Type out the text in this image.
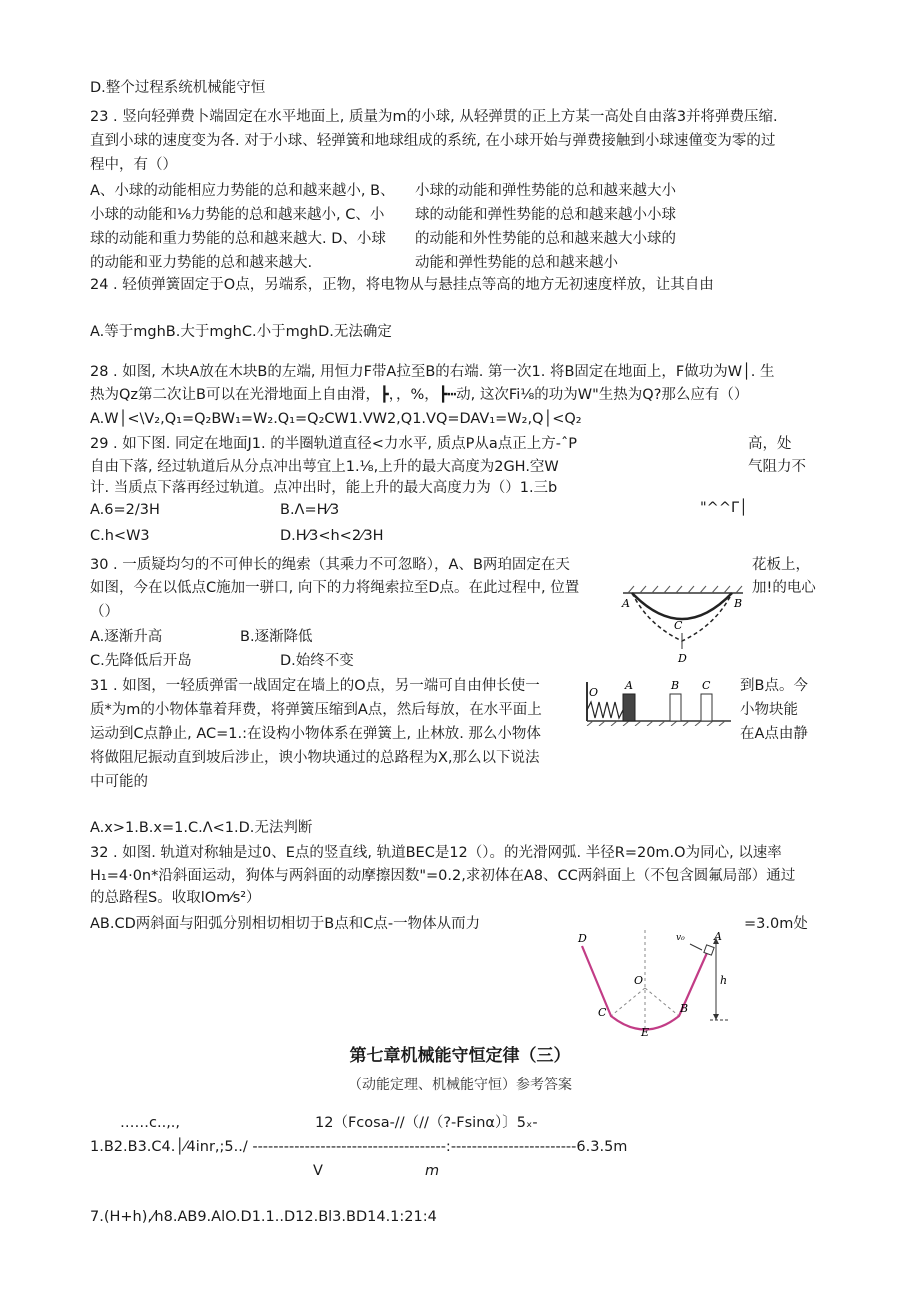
D.整个过程系统机械能守恒
23 . 竖向轻弹费卜端固定在水平地面上, 质量为m的小球, 从轻弹贯的正上方某一高处自由落3并将弹费压缩.
直到小球的速度变为各. 对于小球、轻弹簧和地球组成的系统, 在小球开始与弹费接触到小球速僮变为零的过
程中，有（）
A、小球的动能相应力势能的总和越来越小, B、
小球的动能和⅛力势能的总和越来越小, C、小
球的动能和重力势能的总和越来越大. D、小球
的动能和亚力势能的总和越来越大.
小球的动能和弹性势能的总和越来越大小
球的动能和弹性势能的总和越来越小小球
的动能和外性势能的总和越来越大小球的
动能和弹性势能的总和越来越小
24 . 轻侦弹簧固定于O点，另端系，正物，将电物从与悬挂点等高的地方无初速度样放，让其自由
A.等于mghB.大于mghC.小于mghD.无法确定
28 . 如图, 木块A放在木块B的左端, 用恒力F带A拉至B的右端. 第一次1. 将B固定在地面上，F做功为W│. 生
热为Qz第二次让B可以在光滑地面上自由滑，┣，，%，┣┅动, 这次Fi⅛的功为W"生热为Q?那么应有（）
A.W│<\V₂,Q₁=Q₂BW₁=W₂.Q₁=Q₂CW1.VW2,Q1.VQ=DAV₁=W₂,Q│<Q₂
29 . 如下图. 同定在地面J1. 的半圈轨道直径<力水平, 质点P从a点正上方-ˆP
自由下落, 经过轨道后从分点冲出萼宜上1.⅛,上升的最大高度为2GH.空W
计. 当质点下落再经过轨道。点冲出时，能上升的最大高度力为（）1.三b
高，处
气阻力不
A.6=2/3H	B.Λ=H⁄3	"^^Γ│
C.h<W3	D.H⁄3<h<2⁄3H
30 . 一质疑均匀的不可伸长的绳索（其乘力不可忽略），A、B两珀固定在天
如图，今在以低点C施加一骈口, 向下的力将绳索拉至D点。在此过程中, 位置
（）
花板上，
加!的电心
A.逐渐升高	B.逐渐降低
C.先降低后开岛	D.始终不变
A	B
C
D
31 . 如图，一轻质弹雷一战固定在墙上的O点，另一端可自由伸长使一
质*为m的小物体靠着拜费，将弹簧压缩到A点，然后每放，在水平面上
运动到C点静止, AC=1.:在设构小物体系在弹簧上, 止林放. 那么小物体
将做阻尼振动直到坡后涉止，谀小物块通过的总路程为X,那么以下说法
中可能的
到B点。今
小物块能
在A点由静
A.x>1.B.x=1.C.Λ<1.D.无法判断
O
A	B C
32 . 如图. 轨道对称轴是过0、E点的竖直线, 轨道BEC是12（）。的光滑网弧. 半径R=20m.O为同心, 以速率
H₁=4·0n*沿斜面运动，狗体与两斜面的动摩擦因数"=0.2,求初体在A8、CC两斜面上（不包含圆氟局部）通过
的总路程S。收取lOm⁄s²）
AB.CD两斜面与阳弧分别相切相切于B点和C点-一物体从而力	=3.0m处
D	A
v₀
O	h
C	B
E
第七章机械能守恒定律（三）
（动能定理、机械能守恒）参考答案
……c..,.,	12（Fcosa-//（//（?-Fsinα）〕5ₓ-
1.B2.B3.C4.│⁄4inr,;5../ -------------------------------------:------------------------6.3.5m
V	m
7.(H+h),⁄h8.AB9.AlO.D1.1..D12.Bl3.BD14.1:21:4
